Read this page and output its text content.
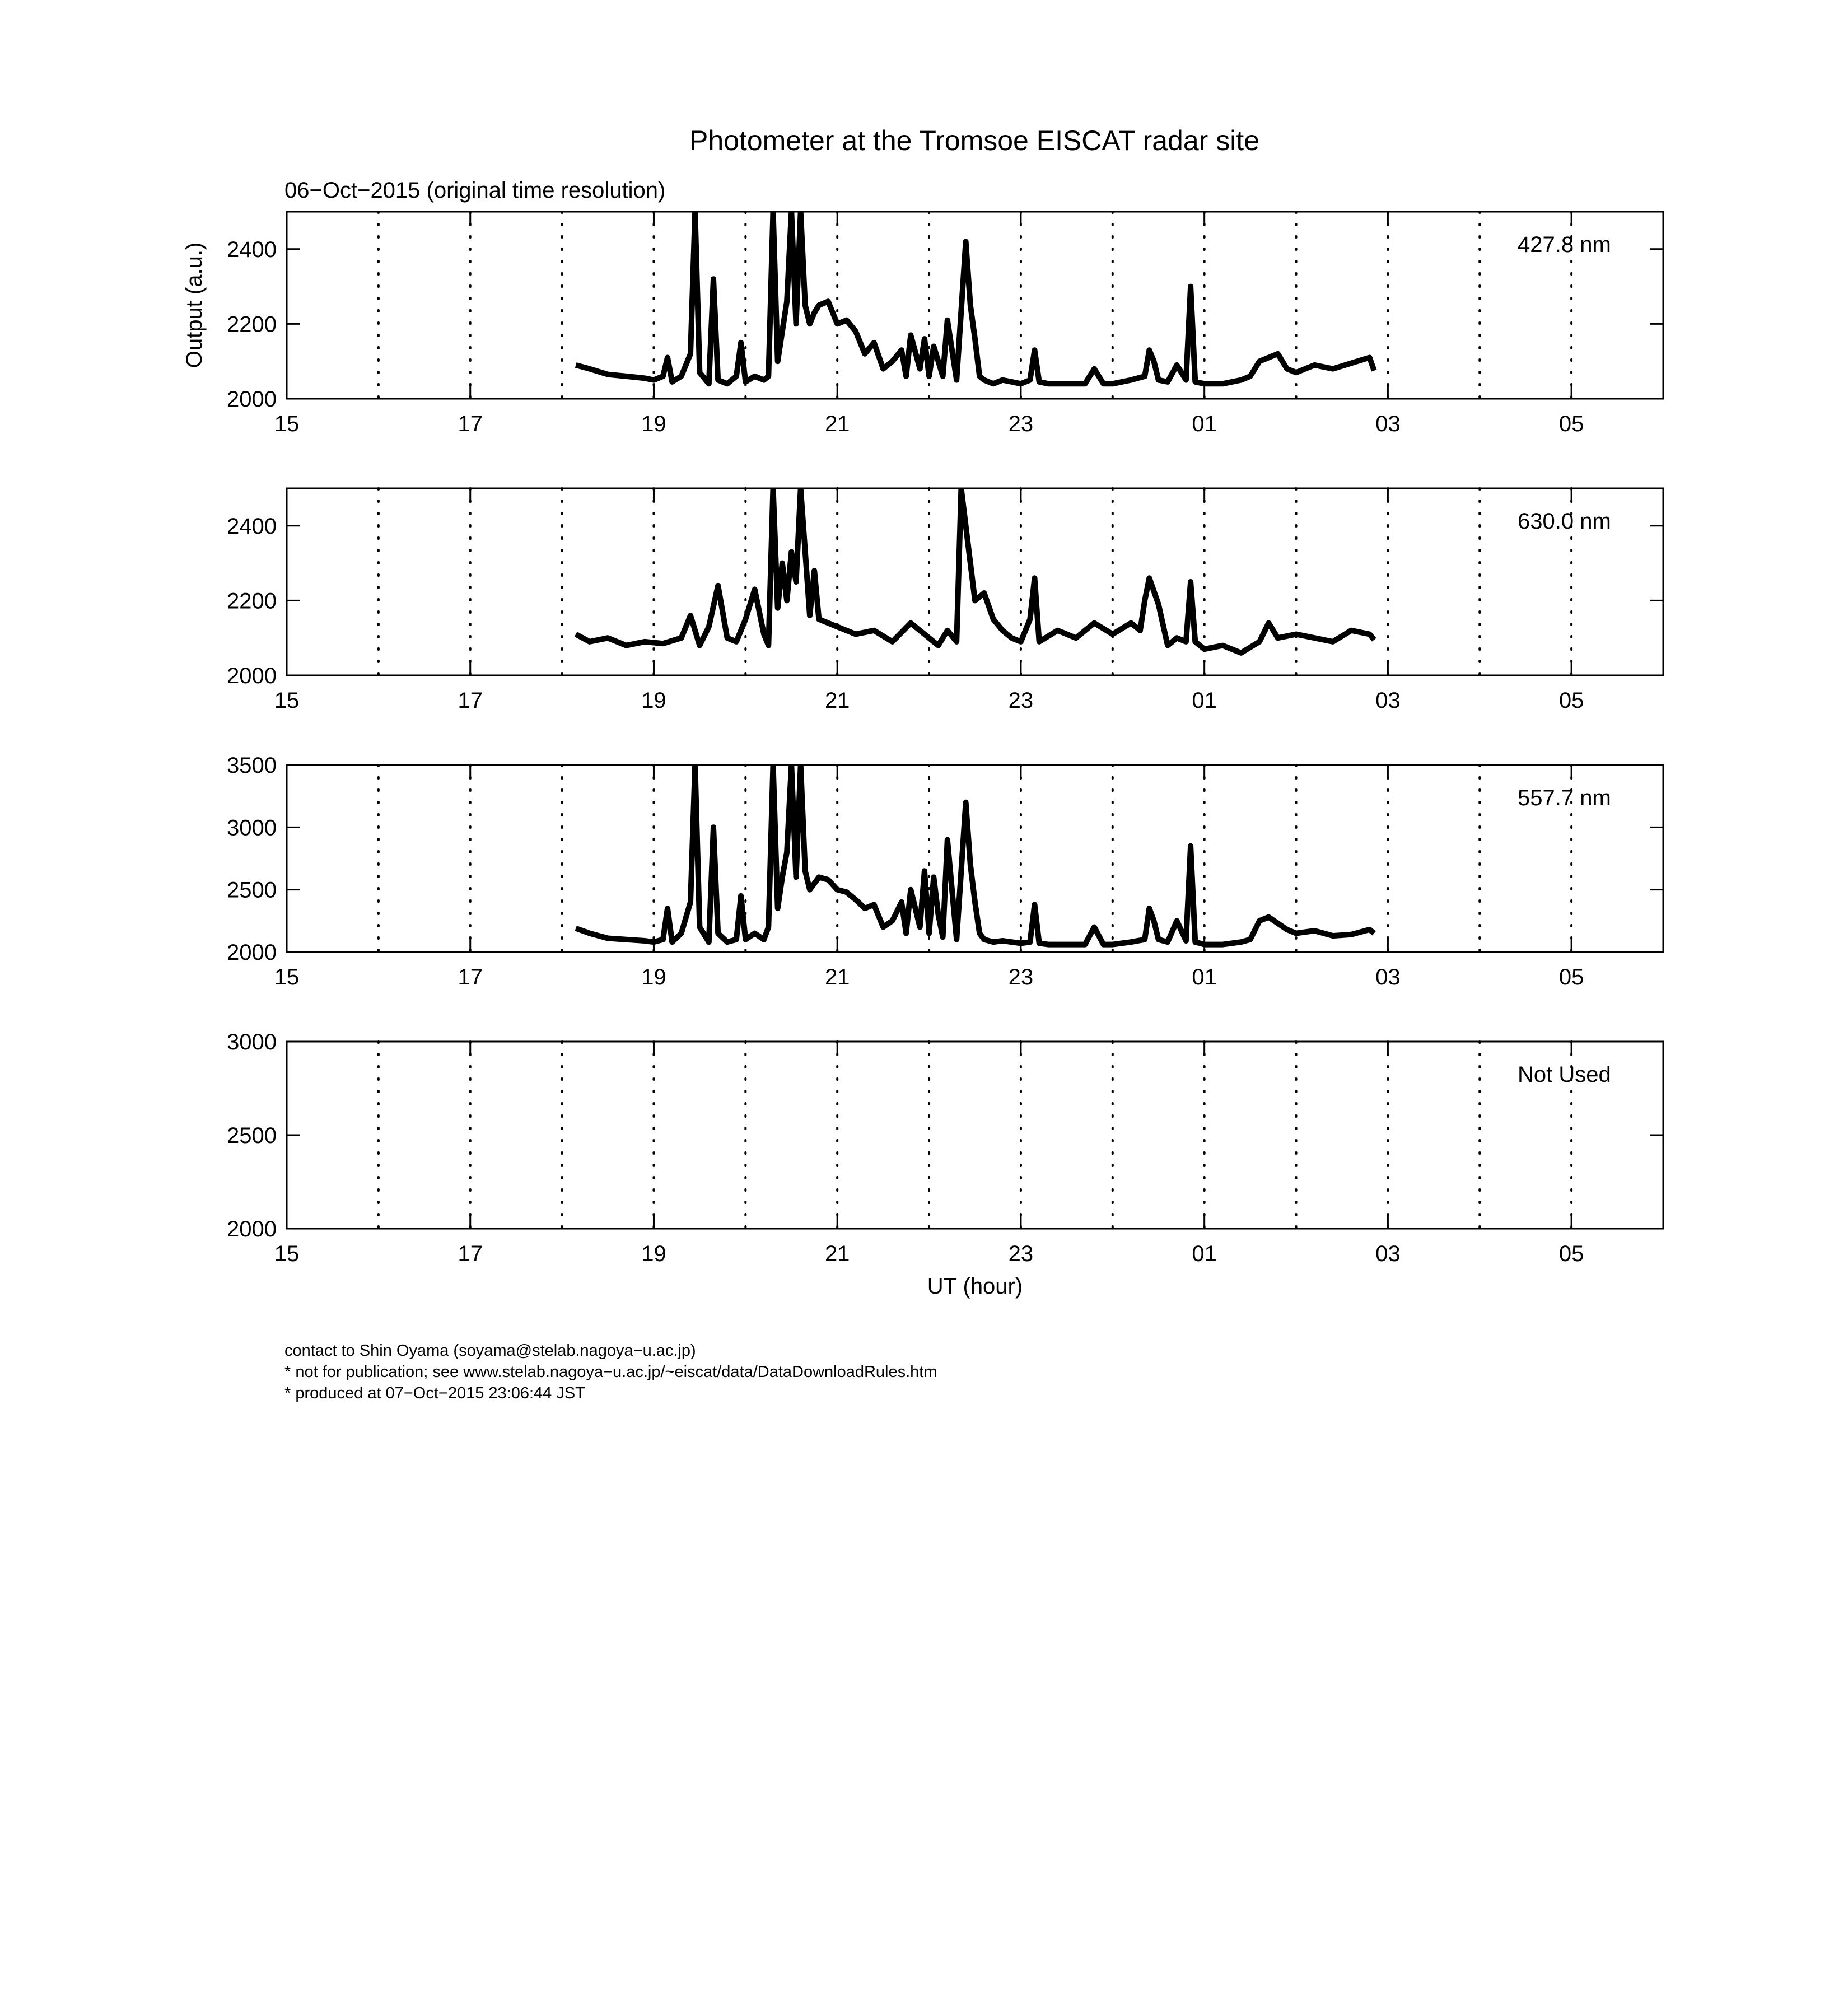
Photometer at the Tromsoe EISCAT radar site
06−Oct−2015 (original time resolution)
15	17	19	21	23	01	03	05
2000
2200
2400	427.8 nm
Output (a.u.)
15	17	19	21	23	01	03	05
2000
2200
2400	630.0 nm
15	17	19	21	23	01	03	05
2000
2500
3000
3500
557.7 nm
15	17	19	21	23	01	03	05
2000
2500
3000
Not Used
UT (hour)
contact to Shin Oyama (soyama@stelab.nagoya−u.ac.jp)
* not for publication; see www.stelab.nagoya−u.ac.jp/~eiscat/data/DataDownloadRules.htm
* produced at 07−Oct−2015 23:06:44 JST
